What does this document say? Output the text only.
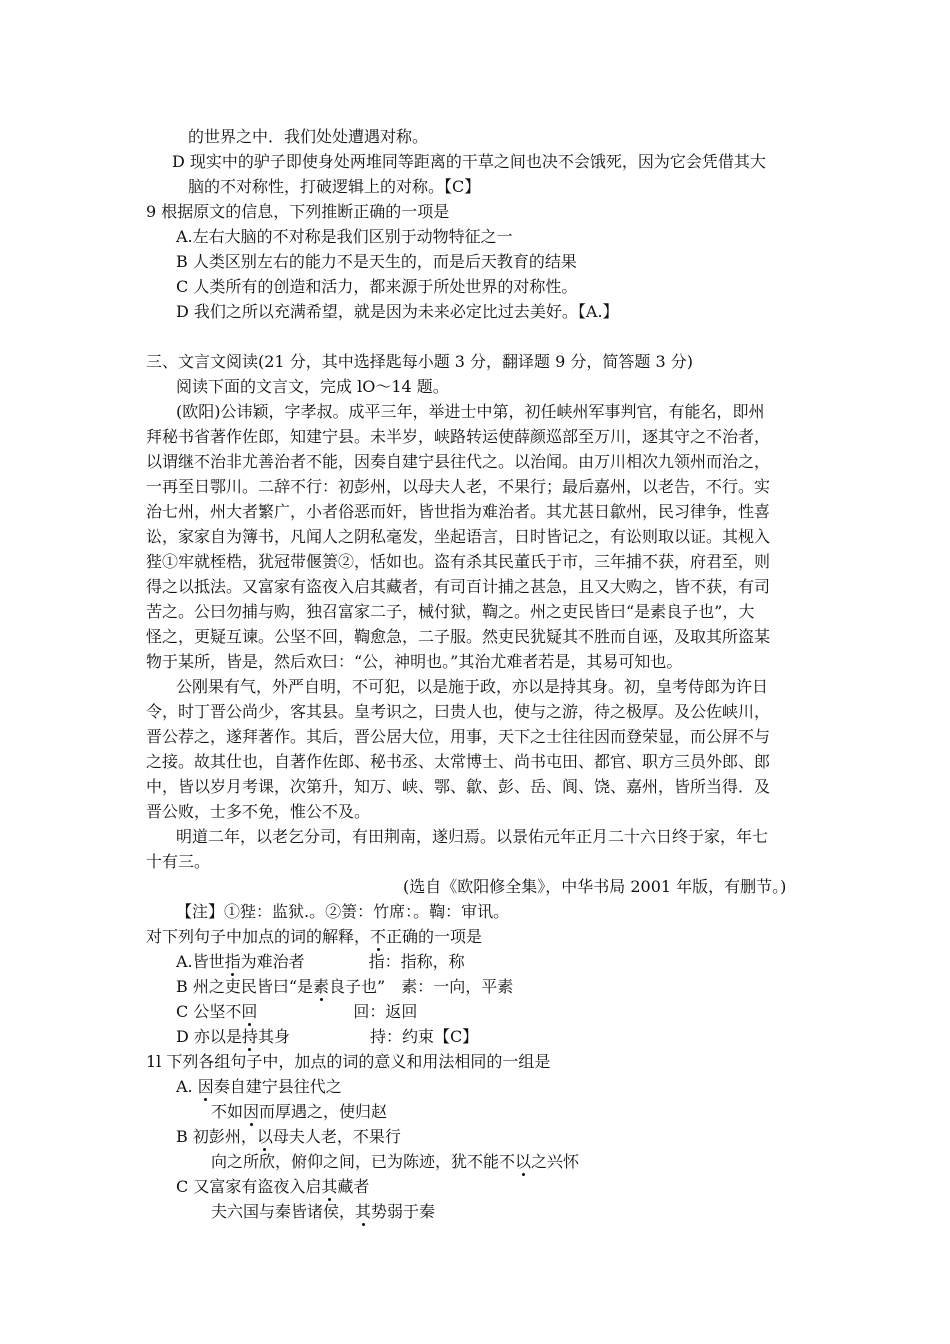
的世界之中．我们处处遭遇对称。
D 现实中的驴子即使身处两堆同等距离的干草之间也决不会饿死，因为它会凭借其大
脑的不对称性，打破逻辑上的对称。【C】
9 根据原文的信息，下列推断正确的一项是
A.左右大脑的不对称是我们区别于动物特征之一
B 人类区别左右的能力不是天生的，而是后天教育的结果
C 人类所有的创造和活力，都来源于所处世界的对称性。
D 我们之所以充满希望，就是因为未来必定比过去美好。【A.】
三、文言文阅读(21 分，其中选择匙每小题 3 分，翻译题 9 分，简答题 3 分)
阅读下面的文言文，完成 lO～14 题。
(欧阳)公讳颖，字孝叔。成平三年，举进士中第，初任峡州军事判官，有能名，即州
拜秘书省著作佐郎，知建宁县。未半岁，峡路转运使薛颜巡部至万川，逐其守之不治者，
以谓继不治非尤善治者不能，因奏自建宁县往代之。以治闻。由万川相次九领州而治之，
一再至日鄂川。二辞不行：初彭州，以母夫人老，不果行；最后嘉州，以老告，不行。实
治七州，州大者繁广，小者俗恶而奸，皆世指为难治者。其尤甚日歙州，民习律争，性喜
讼，家家自为簿书，凡闻人之阴私毫发，坐起语言，日时皆记之，有讼则取以证。其枧入
狴①牢就桎梏，犹冠带偃箦②，恬如也。盗有杀其民董氏于市，三年捕不获，府君至，则
得之以抵法。又富家有盗夜入启其藏者，有司百计捕之甚急，且又大购之，皆不获，有司
苦之。公曰勿捕与购，独召富家二子，械付狱，鞫之。州之吏民皆曰“是素良子也”，大
怪之，更疑互谏。公坚不回，鞫愈急，二子服。然吏民犹疑其不胜而自诬，及取其所盗某
物于某所，皆是，然后欢曰：“公，神明也。”其治尤难者若是，其易可知也。
公刚果有气，外严自明，不可犯，以是施于政，亦以是持其身。初，皇考侍郎为许日
令，时丁晋公尚少，客其县。皇考识之，曰贵人也，使与之游，待之极厚。及公佐峡川，
晋公荐之，遂拜著作。其后，晋公居大位，用事，天下之士往往因而登荣显，而公屏不与
之接。故其仕也，自著作佐郎、秘书丞、太常博士、尚书屯田、都官、职方三员外郎、郎
中，皆以岁月考课，次第升，知万、峡、鄂、歙、彭、岳、阆、饶、嘉州，皆所当得．及
晋公败，士多不免，惟公不及。
明道二年，以老乞分司，有田荆南，遂归焉。以景佑元年正月二十六日终于家，年七
十有三。
(选自《欧阳修全集》，中华书局 2001 年版，有删节。)
【注】①狴：监狱.。②箦：竹席：。鞫：审讯。
对下列句子中加点的词的解释，不正确的一项是
A.皆世指为难治者　　　　指：指称，称
B 州之吏民皆曰“是素良子也”　素：一向，平素
C 公坚不回　　　　　　回：返回
D 亦以是持其身　　　　　持：约束【C】
1l 下列各组句子中，加点的词的意义和用法相同的一组是
A. 因奏自建宁县往代之
不如因而厚遇之，使归赵
B 初彭州，以母夫人老，不果行
向之所欣，俯仰之间，已为陈迹，犹不能不以之兴怀
C 又富家有盗夜入启其藏者
夫六国与秦皆诸侯，其势弱于秦
